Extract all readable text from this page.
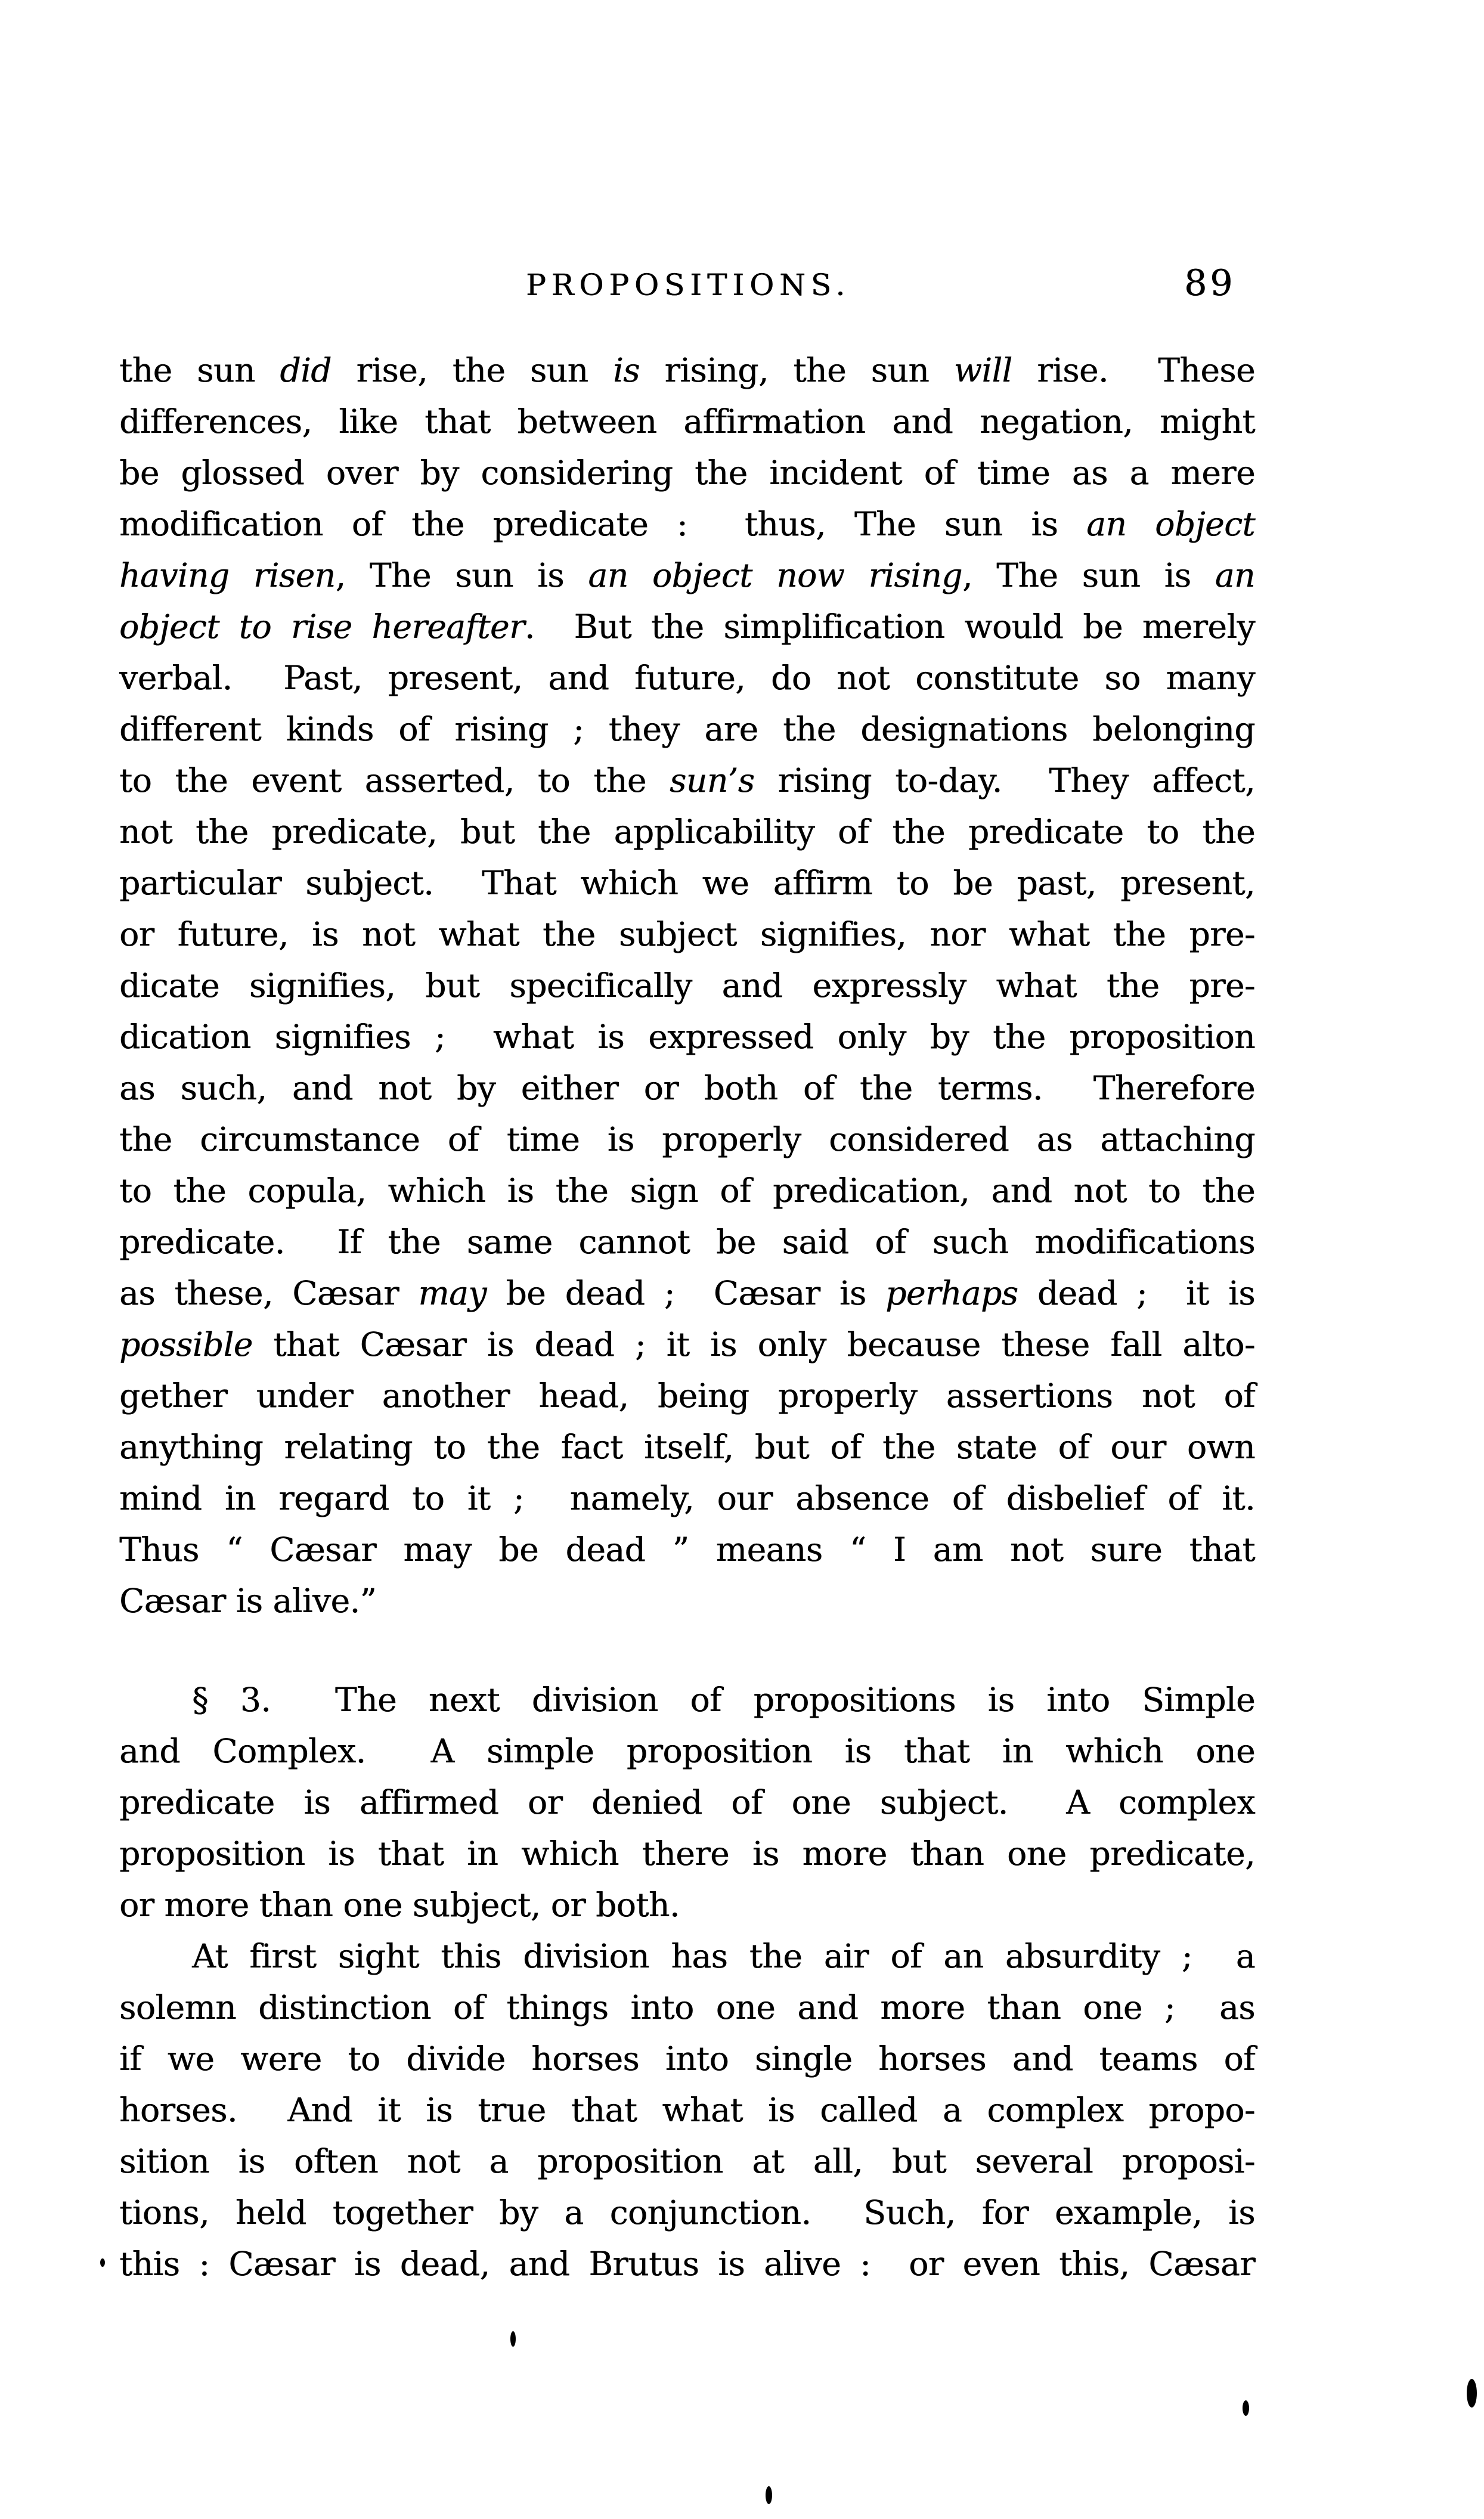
PROPOSITIONS.	89
the sun did rise, the sun is rising, the sun will rise.  These
differences, like that between affirmation and negation, might
be glossed over by considering the incident of time as a mere
modification of the predicate :  thus, The sun is an object
having risen, The sun is an object now rising, The sun is an
object to rise hereafter.  But the simplification would be merely
verbal.  Past, present, and future, do not constitute so many
different kinds of rising ; they are the designations belonging
to the event asserted, to the sun’s rising to-day.  They affect,
not the predicate, but the applicability of the predicate to the
particular subject.  That which we affirm to be past, present,
or future, is not what the subject signifies, nor what the pre-
dicate signifies, but specifically and expressly what the pre-
dication signifies ;  what is expressed only by the proposition
as such, and not by either or both of the terms.  Therefore
the circumstance of time is properly considered as attaching
to the copula, which is the sign of predication, and not to the
predicate.  If the same cannot be said of such modifications
as these, Cæsar may be dead ;  Cæsar is perhaps dead ;  it is
possible that Cæsar is dead ; it is only because these fall alto-
gether under another head, being properly assertions not of
anything relating to the fact itself, but of the state of our own
mind in regard to it ;  namely, our absence of disbelief of it.
Thus “ Cæsar may be dead ” means “ I am not sure that
Cæsar is alive.”
§ 3.  The next division of propositions is into Simple
and Complex.  A simple proposition is that in which one
predicate is affirmed or denied of one subject.  A complex
proposition is that in which there is more than one predicate,
or more than one subject, or both.
At first sight this division has the air of an absurdity ;  a
solemn distinction of things into one and more than one ;  as
if we were to divide horses into single horses and teams of
horses.  And it is true that what is called a complex propo-
sition is often not a proposition at all, but several proposi-
tions, held together by a conjunction.  Such, for example, is
this : Cæsar is dead, and Brutus is alive :  or even this, Cæsar
